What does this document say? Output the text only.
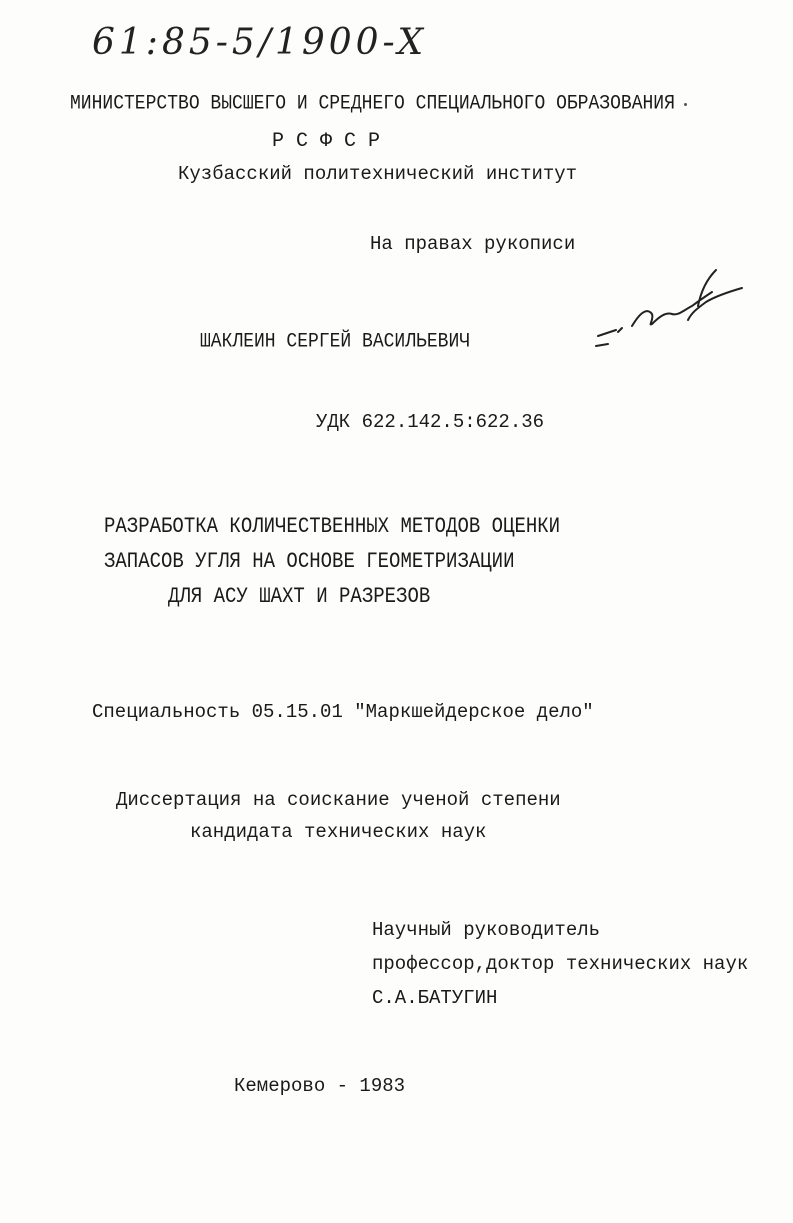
61:85-5/1900-X
МИНИСТЕРСТВО ВЫСШЕГО И СРЕДНЕГО СПЕЦИАЛЬНОГО ОБРАЗОВАНИЯ
Р С Ф С Р
Кузбасский политехнический институт
На правах рукописи
ШАКЛЕИН СЕРГЕЙ ВАСИЛЬЕВИЧ
УДК 622.142.5:622.36
РАЗРАБОТКА КОЛИЧЕСТВЕННЫХ МЕТОДОВ ОЦЕНКИ
ЗАПАСОВ УГЛЯ НА ОСНОВЕ ГЕОМЕТРИЗАЦИИ
ДЛЯ АСУ ШАХТ И РАЗРЕЗОВ
Специальность 05.15.01 "Маркшейдерское дело"
Диссертация на соискание ученой степени
кандидата технических наук
Научный руководитель
профессор,доктор технических наук
С.А.БАТУГИН
Кемерово - 1983
